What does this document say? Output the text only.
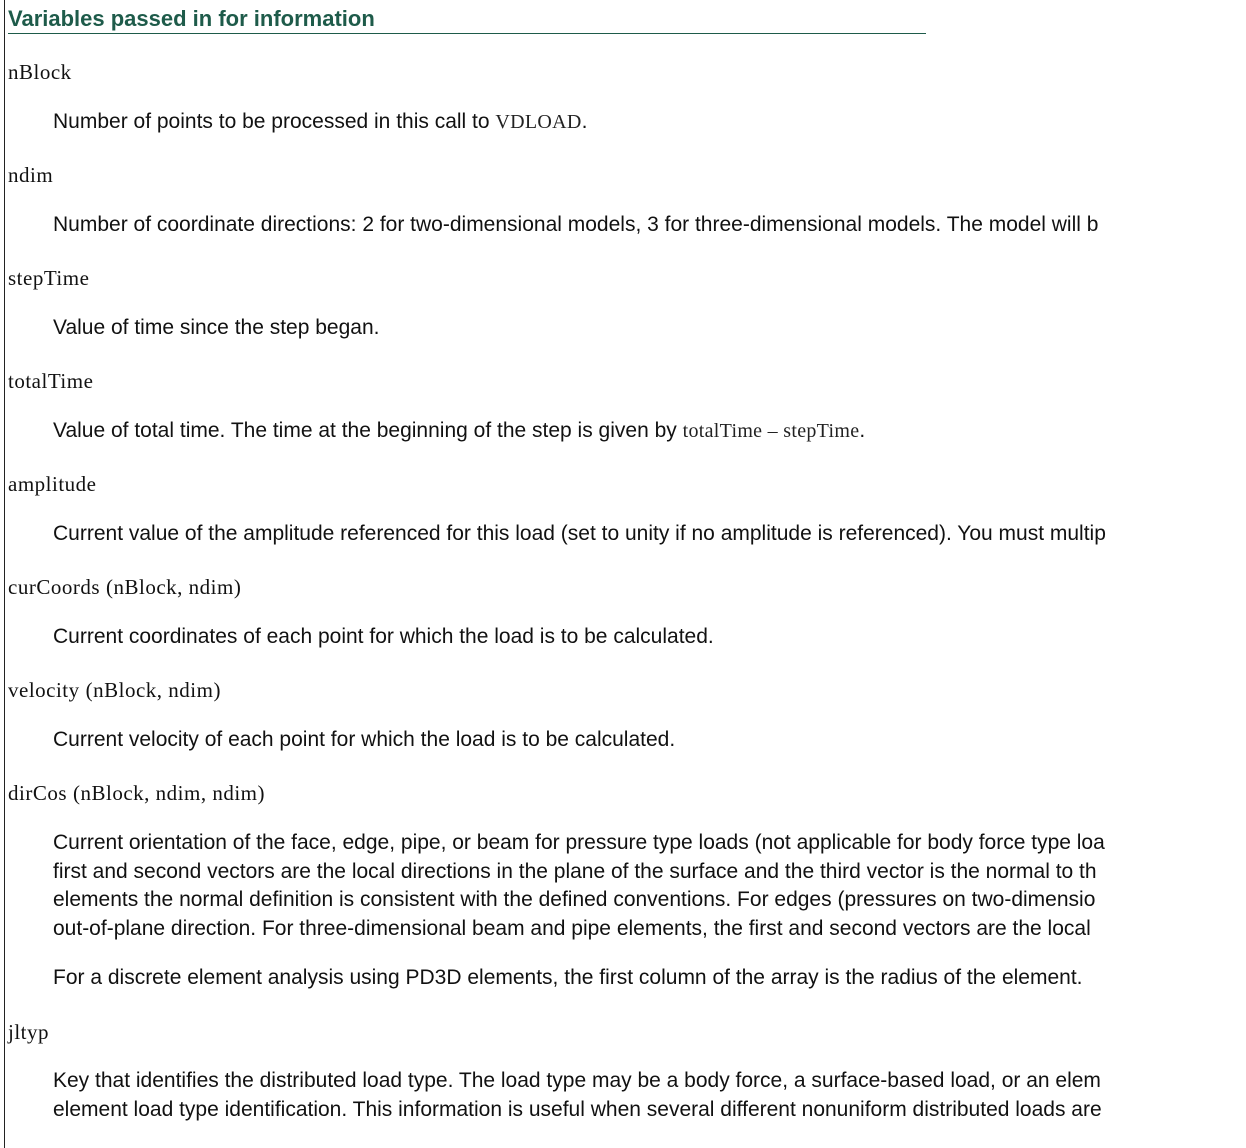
Variables passed in for information
nBlock
Number of points to be processed in this call to VDLOAD.
ndim
Number of coordinate directions: 2 for two-dimensional models, 3 for three-dimensional models. The model will b
stepTime
Value of time since the step began.
totalTime
Value of total time. The time at the beginning of the step is given by totalTime – stepTime.
amplitude
Current value of the amplitude referenced for this load (set to unity if no amplitude is referenced). You must multip
curCoords (nBlock, ndim)
Current coordinates of each point for which the load is to be calculated.
velocity (nBlock, ndim)
Current velocity of each point for which the load is to be calculated.
dirCos (nBlock, ndim, ndim)
Current orientation of the face, edge, pipe, or beam for pressure type loads (not applicable for body force type loa
first and second vectors are the local directions in the plane of the surface and the third vector is the normal to th
elements the normal definition is consistent with the defined conventions. For edges (pressures on two-dimensio
out-of-plane direction. For three-dimensional beam and pipe elements, the first and second vectors are the local
For a discrete element analysis using PD3D elements, the first column of the array is the radius of the element.
jltyp
Key that identifies the distributed load type. The load type may be a body force, a surface-based load, or an elem
element load type identification. This information is useful when several different nonuniform distributed loads are
